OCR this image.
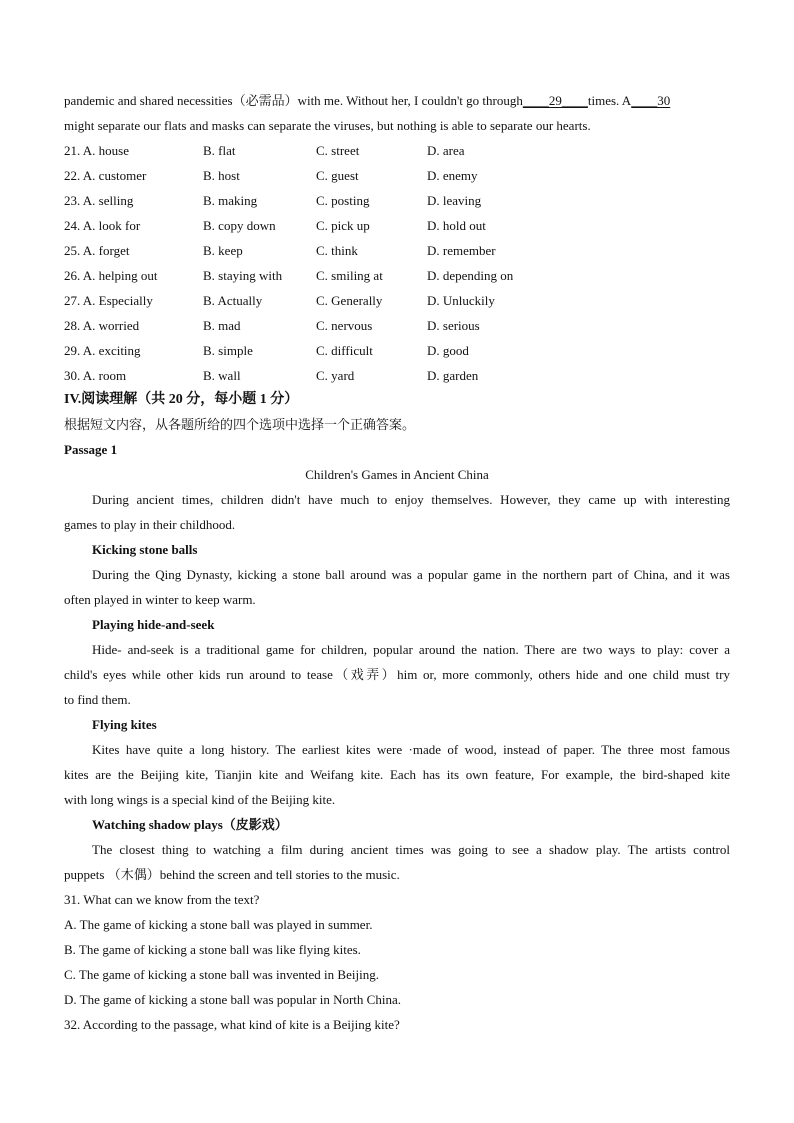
pandemic and shared necessities（必需品）with me. Without her, I couldn't go through____29____times. A____30
might separate our flats and masks can separate the viruses, but nothing is able to separate our hearts.
21. A. house	B. flat	C. street	D. area
22. A. customer	B. host	C. guest	D. enemy
23. A. selling	B. making	C. posting	D. leaving
24. A. look for	B. copy down	C. pick up	D. hold out
25. A. forget	B. keep	C. think	D. remember
26. A. helping out	B. staying with	C. smiling at	D. depending on
27. A. Especially	B. Actually	C. Generally	D. Unluckily
28. A. worried	B. mad	C. nervous	D. serious
29. A. exciting	B. simple	C. difficult	D. good
30. A. room	B. wall	C. yard	D. garden
IV.阅读理解（共 20 分，每小题 1 分）
根据短文内容，从各题所给的四个选项中选择一个正确答案。
Passage 1
Children's Games in Ancient China
During ancient times, children didn't have much to enjoy themselves. However, they came up with interesting
games to play in their childhood.
Kicking stone balls
During the Qing Dynasty, kicking a stone ball around was a popular game in the northern part of China, and it was
often played in winter to keep warm.
Playing hide-and-seek
Hide- and-seek is a traditional game for children, popular around the nation. There are two ways to play: cover a
child's eyes while other kids run around to tease（戏弄）him or, more commonly, others hide and one child must try
to find them.
Flying kites
Kites have quite a long history. The earliest kites were ·made of wood, instead of paper. The three most famous
kites are the Beijing kite, Tianjin kite and Weifang kite. Each has its own feature, For example, the bird-shaped kite
with long wings is a special kind of the Beijing kite.
Watching shadow plays（皮影戏）
The closest thing to watching a film during ancient times was going to see a shadow play. The artists control
puppets （木偶）behind the screen and tell stories to the music.
31. What can we know from the text?
A. The game of kicking a stone ball was played in summer.
B. The game of kicking a stone ball was like flying kites.
C. The game of kicking a stone ball was invented in Beijing.
D. The game of kicking a stone ball was popular in North China.
32. According to the passage, what kind of kite is a Beijing kite?
